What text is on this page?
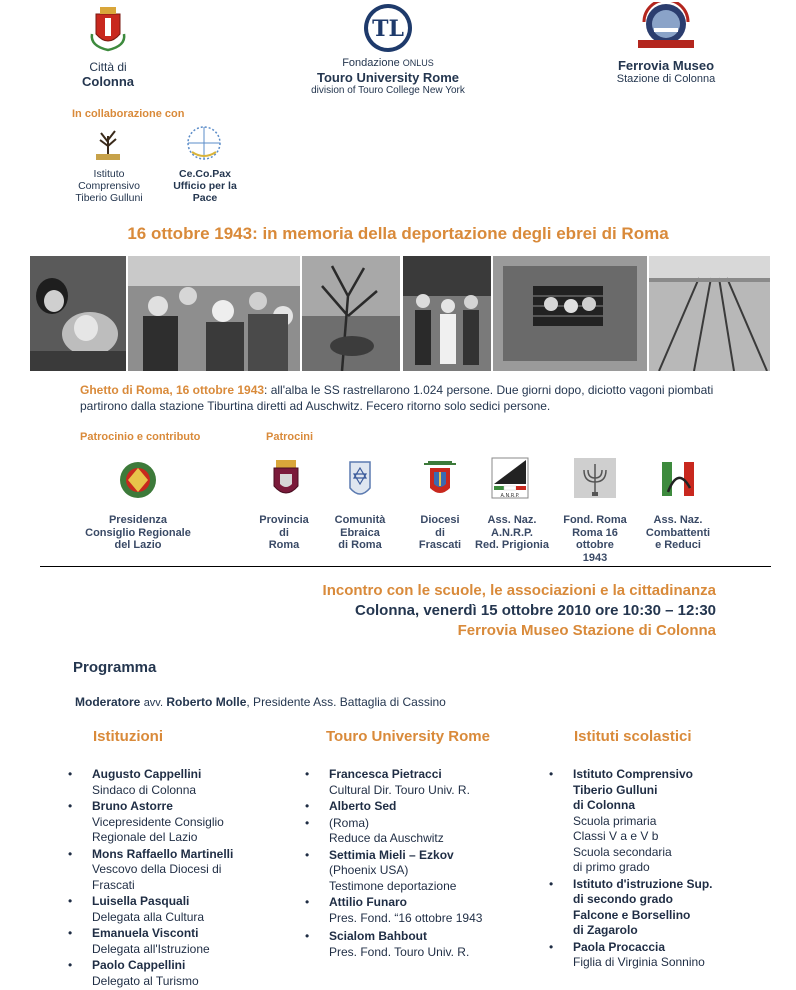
Città di
Colonna
TL
Fondazione ONLUS
Touro University Rome
division of Touro College New York
Ferrovia Museo
Stazione di Colonna
In collaborazione con
Istituto
Comprensivo
Tiberio Gulluni
Ce.Co.Pax
Ufficio per la
Pace
16 ottobre 1943: in memoria della deportazione degli ebrei di Roma
Ghetto di Roma, 16 ottobre 1943: all'alba le SS rastrellarono 1.024 persone. Due giorni dopo, diciotto vagoni piombati partirono dalla stazione Tiburtina diretti ad Auschwitz. Fecero ritorno solo sedici persone.
Patrocinio e contributo	Patrocini
Presidenza
Consiglio Regionale
del Lazio
Provincia
di
Roma
Comunità
Ebraica
di Roma
Diocesi
di
Frascati
A.N.R.P.
Ass. Naz.
A.N.R.P.
Red. Prigionia
Fond. Roma
Roma 16 ottobre
1943
Ass. Naz.
Combattenti
e Reduci
Incontro con le scuole, le associazioni e la cittadinanza
Colonna, venerdì 15 ottobre 2010 ore 10:30 – 12:30
Ferrovia Museo Stazione di Colonna
Programma
Moderatore avv. Roberto Molle, Presidente Ass. Battaglia di Cassino
Istituzioni	Touro University Rome	Istituti scolastici
• Augusto Cappellini
Sindaco di Colonna
• Bruno Astorre
Vicepresidente Consiglio
Regionale del Lazio
• Mons Raffaello Martinelli
Vescovo della Diocesi di
Frascati
• Luisella Pasquali
Delegata alla Cultura
• Emanuela Visconti
Delegata all'Istruzione
• Paolo Cappellini
Delegato al Turismo
• Francesca Pietracci
Cultural Dir. Touro Univ. R.
• Alberto Sed
• (Roma)
Reduce da Auschwitz
• Settimia Mieli – Ezkov
(Phoenix USA)
Testimone deportazione
• Attilio Funaro
Pres. Fond. “16 ottobre 1943
• Scialom Bahbout
Pres. Fond. Touro Univ. R.
• Istituto Comprensivo
Tiberio Gulluni
di Colonna
Scuola primaria
Classi V a e V b
Scuola secondaria
di primo grado
• Istituto d'istruzione Sup.
di secondo grado
Falcone e Borsellino
di Zagarolo
• Paola Procaccia
Figlia di Virginia Sonnino
